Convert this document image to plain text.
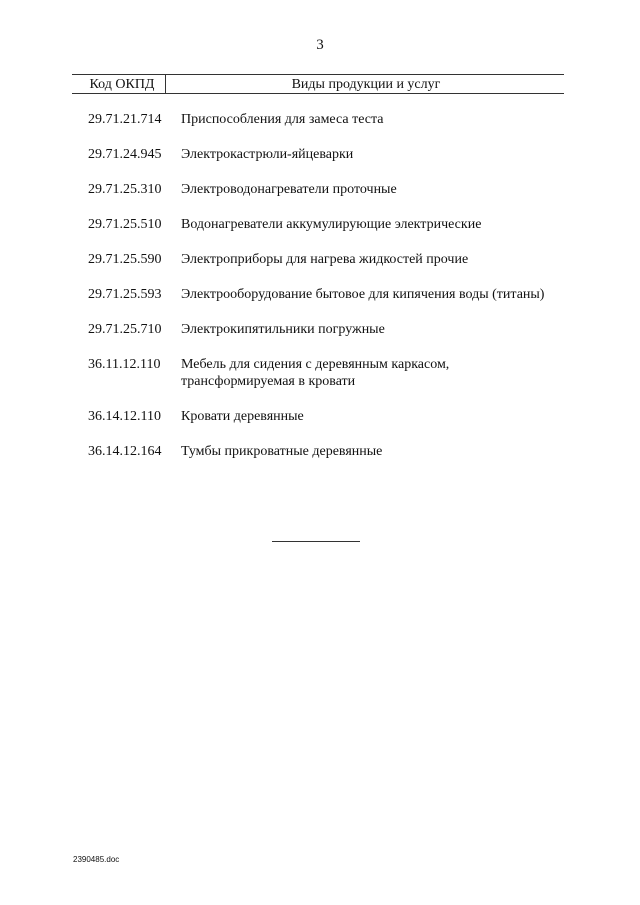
3
Код ОКПД	Виды продукции и услуг
29.71.21.714	Приспособления для замеса теста
29.71.24.945	Электрокастрюли-яйцеварки
29.71.25.310	Электроводонагреватели проточные
29.71.25.510	Водонагреватели аккумулирующие электрические
29.71.25.590	Электроприборы для нагрева жидкостей прочие
29.71.25.593	Электрооборудование бытовое для кипячения воды (титаны)
29.71.25.710	Электрокипятильники погружные
36.11.12.110	Мебель для сидения с деревянным каркасом, трансформируемая в кровати
36.14.12.110	Кровати деревянные
36.14.12.164	Тумбы прикроватные деревянные
2390485.doc
